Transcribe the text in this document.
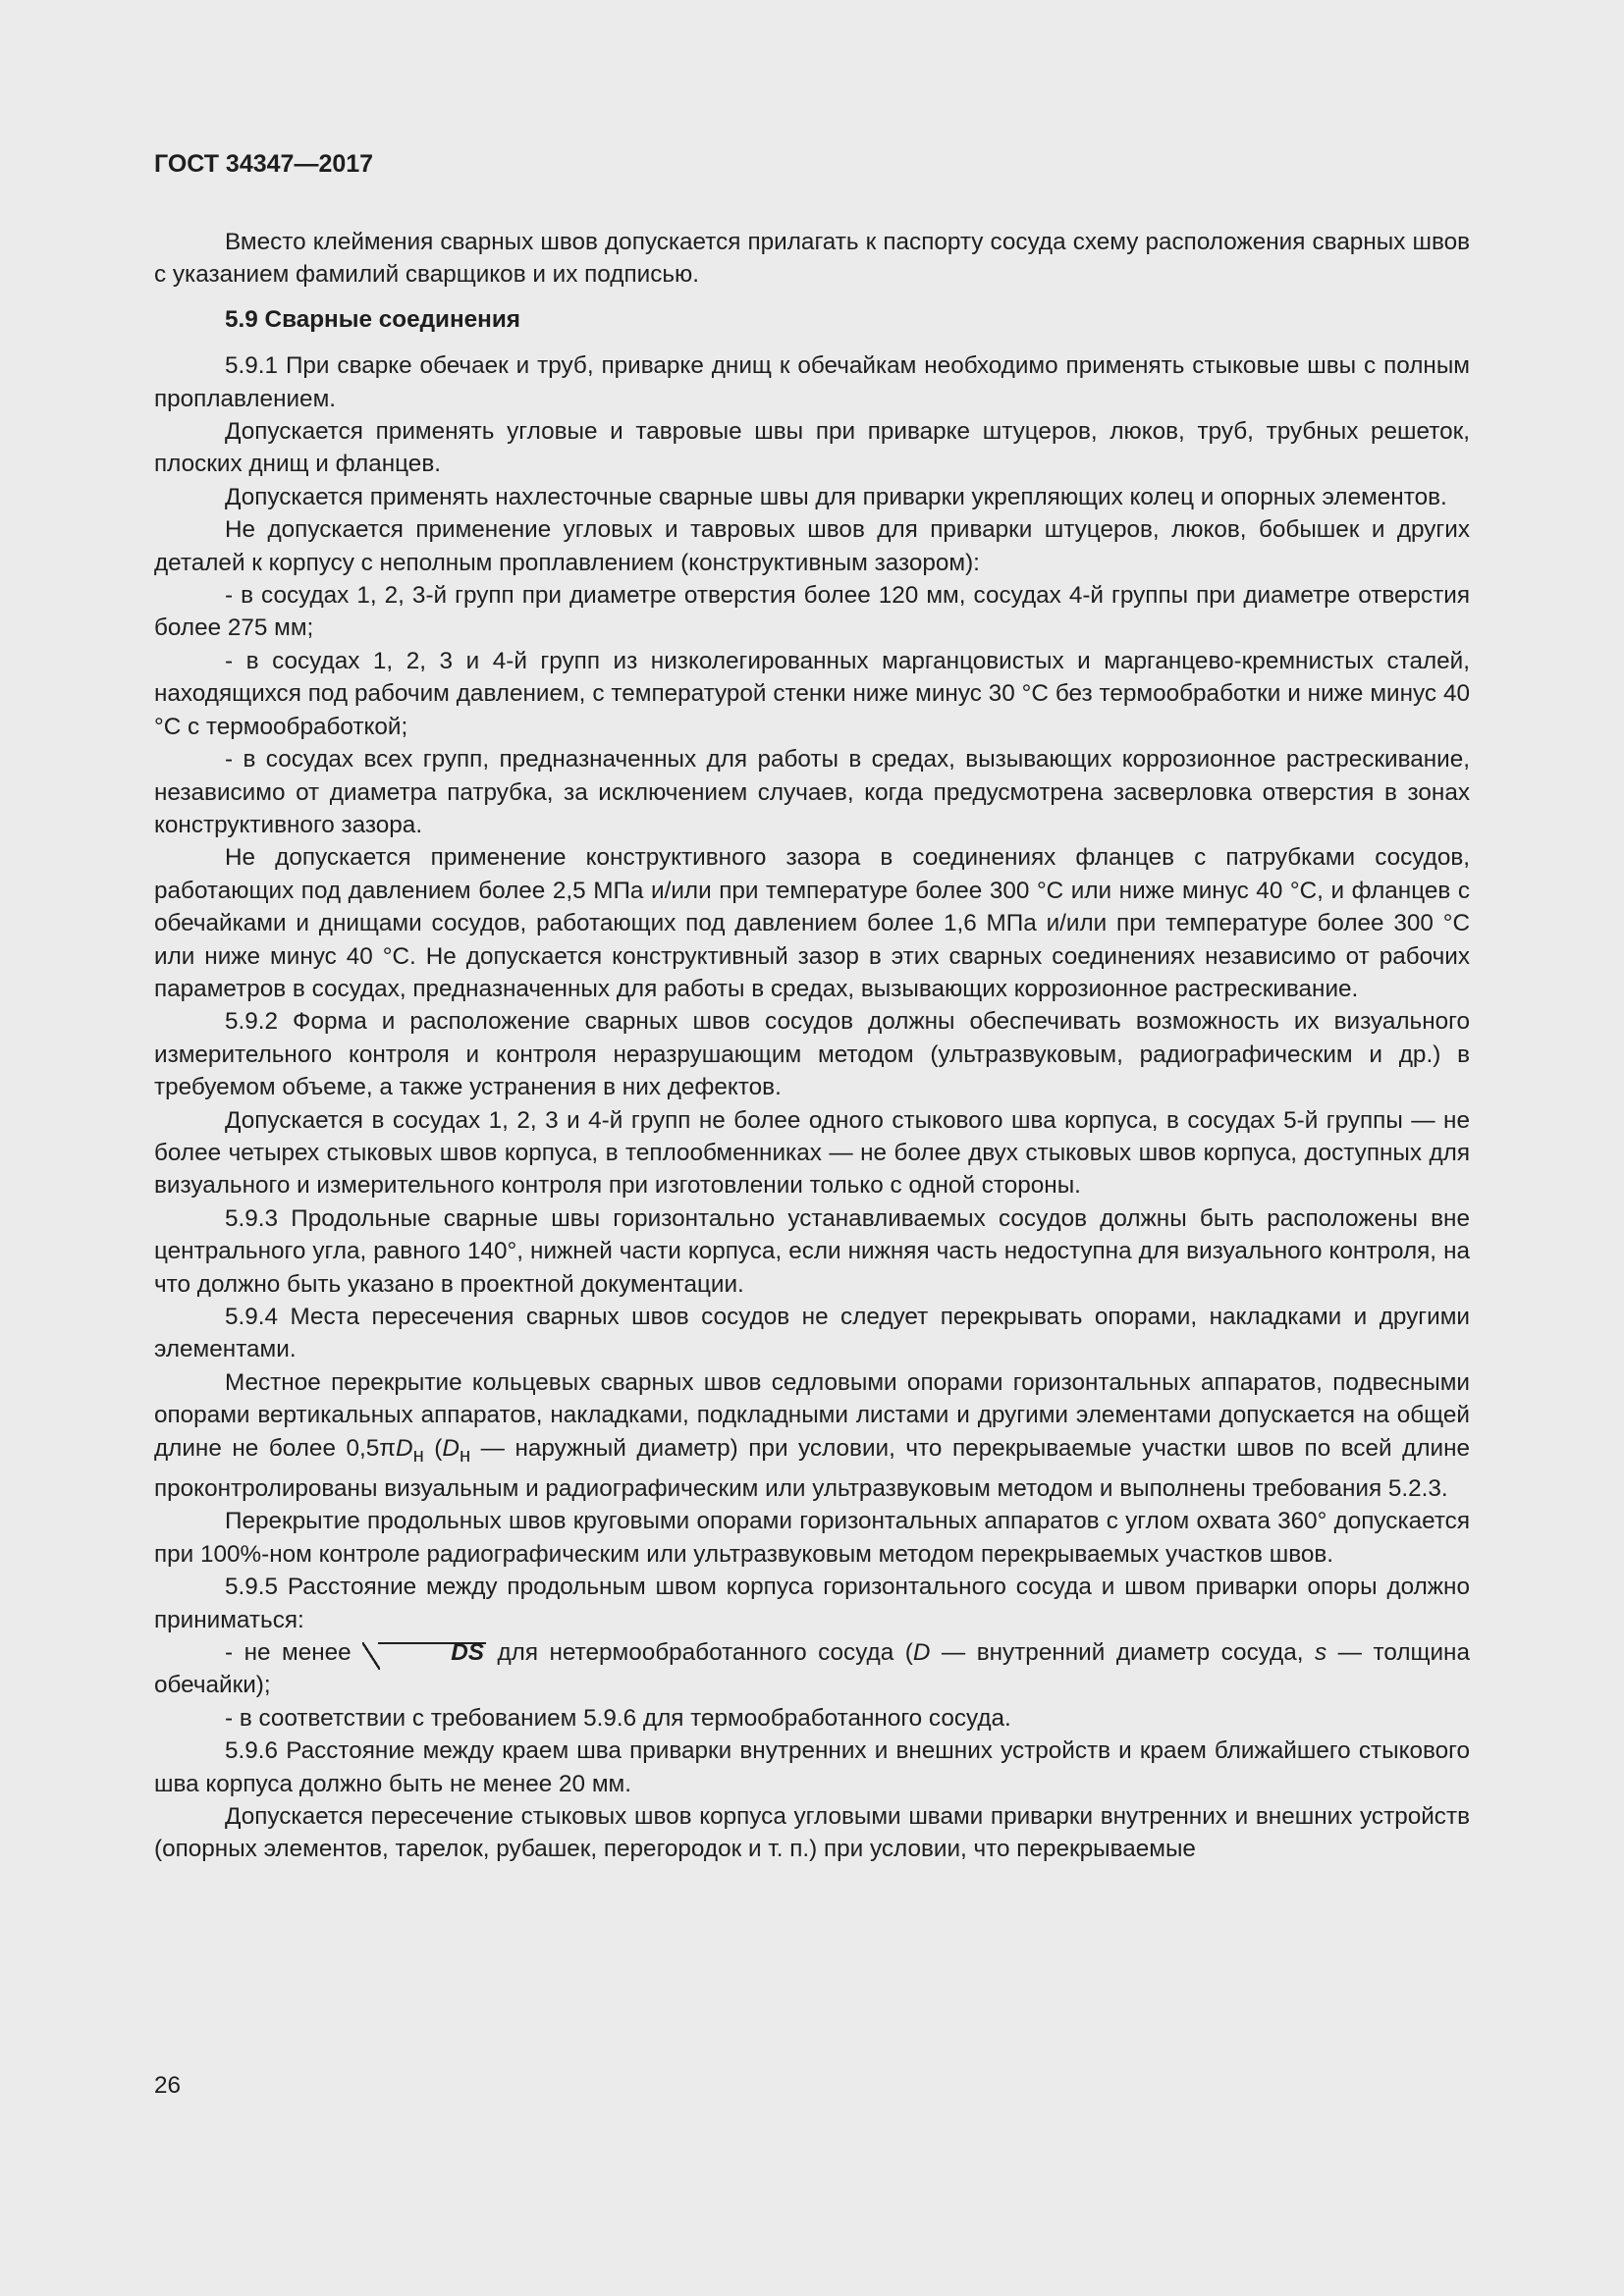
ГОСТ 34347—2017

Вместо клеймения сварных швов допускается прилагать к паспорту сосуда схему расположения сварных швов с указанием фамилий сварщиков и их подписью.

5.9 Сварные соединения

5.9.1 При сварке обечаек и труб, приварке днищ к обечайкам необходимо применять стыковые швы с полным проплавлением.

Допускается применять угловые и тавровые швы при приварке штуцеров, люков, труб, трубных решеток, плоских днищ и фланцев.

Допускается применять нахлесточные сварные швы для приварки укрепляющих колец и опорных элементов.

Не допускается применение угловых и тавровых швов для приварки штуцеров, люков, бобышек и других деталей к корпусу с неполным проплавлением (конструктивным зазором):

- в сосудах 1, 2, 3-й групп при диаметре отверстия более 120 мм, сосудах 4-й группы при диаметре отверстия более 275 мм;

- в сосудах 1, 2, 3 и 4-й групп из низколегированных марганцовистых и марганцево-кремнистых сталей, находящихся под рабочим давлением, с температурой стенки ниже минус 30 °С без термообработки и ниже минус 40 °С с термообработкой;

- в сосудах всех групп, предназначенных для работы в средах, вызывающих коррозионное растрескивание, независимо от диаметра патрубка, за исключением случаев, когда предусмотрена засверловка отверстия в зонах конструктивного зазора.

Не допускается применение конструктивного зазора в соединениях фланцев с патрубками сосудов, работающих под давлением более 2,5 МПа и/или при температуре более 300 °С или ниже минус 40 °С, и фланцев с обечайками и днищами сосудов, работающих под давлением более 1,6 МПа и/или при температуре более 300 °С или ниже минус 40 °С. Не допускается конструктивный зазор в этих сварных соединениях независимо от рабочих параметров в сосудах, предназначенных для работы в средах, вызывающих коррозионное растрескивание.

5.9.2 Форма и расположение сварных швов сосудов должны обеспечивать возможность их визуального измерительного контроля и контроля неразрушающим методом (ультразвуковым, радиографическим и др.) в требуемом объеме, а также устранения в них дефектов.

Допускается в сосудах 1, 2, 3 и 4-й групп не более одного стыкового шва корпуса, в сосудах 5-й группы — не более четырех стыковых швов корпуса, в теплообменниках — не более двух стыковых швов корпуса, доступных для визуального и измерительного контроля при изготовлении только с одной стороны.

5.9.3 Продольные сварные швы горизонтально устанавливаемых сосудов должны быть расположены вне центрального угла, равного 140°, нижней части корпуса, если нижняя часть недоступна для визуального контроля, на что должно быть указано в проектной документации.

5.9.4 Места пересечения сварных швов сосудов не следует перекрывать опорами, накладками и другими элементами.

Местное перекрытие кольцевых сварных швов седловыми опорами горизонтальных аппаратов, подвесными опорами вертикальных аппаратов, накладками, подкладными листами и другими элементами допускается на общей длине не более $0,5\pi D_н$ ($D_н$ — наружный диаметр) при условии, что перекрываемые участки швов по всей длине проконтролированы визуальным и радиографическим или ультразвуковым методом и выполнены требования 5.2.3.

Перекрытие продольных швов круговыми опорами горизонтальных аппаратов с углом охвата 360° допускается при 100%-ном контроле радиографическим или ультразвуковым методом перекрываемых участков швов.

5.9.5 Расстояние между продольным швом корпуса горизонтального сосуда и швом приварки опоры должно приниматься:

- не менее	DS для нетермообработанного сосуда (D — внутренний диаметр сосуда, s — толщина обечайки);

- в соответствии с требованием 5.9.6 для термообработанного сосуда.

5.9.6 Расстояние между краем шва приварки внутренних и внешних устройств и краем ближайшего стыкового шва корпуса должно быть не менее 20 мм.

Допускается пересечение стыковых швов корпуса угловыми швами приварки внутренних и внешних устройств (опорных элементов, тарелок, рубашек, перегородок и т. п.) при условии, что перекрываемые

26
